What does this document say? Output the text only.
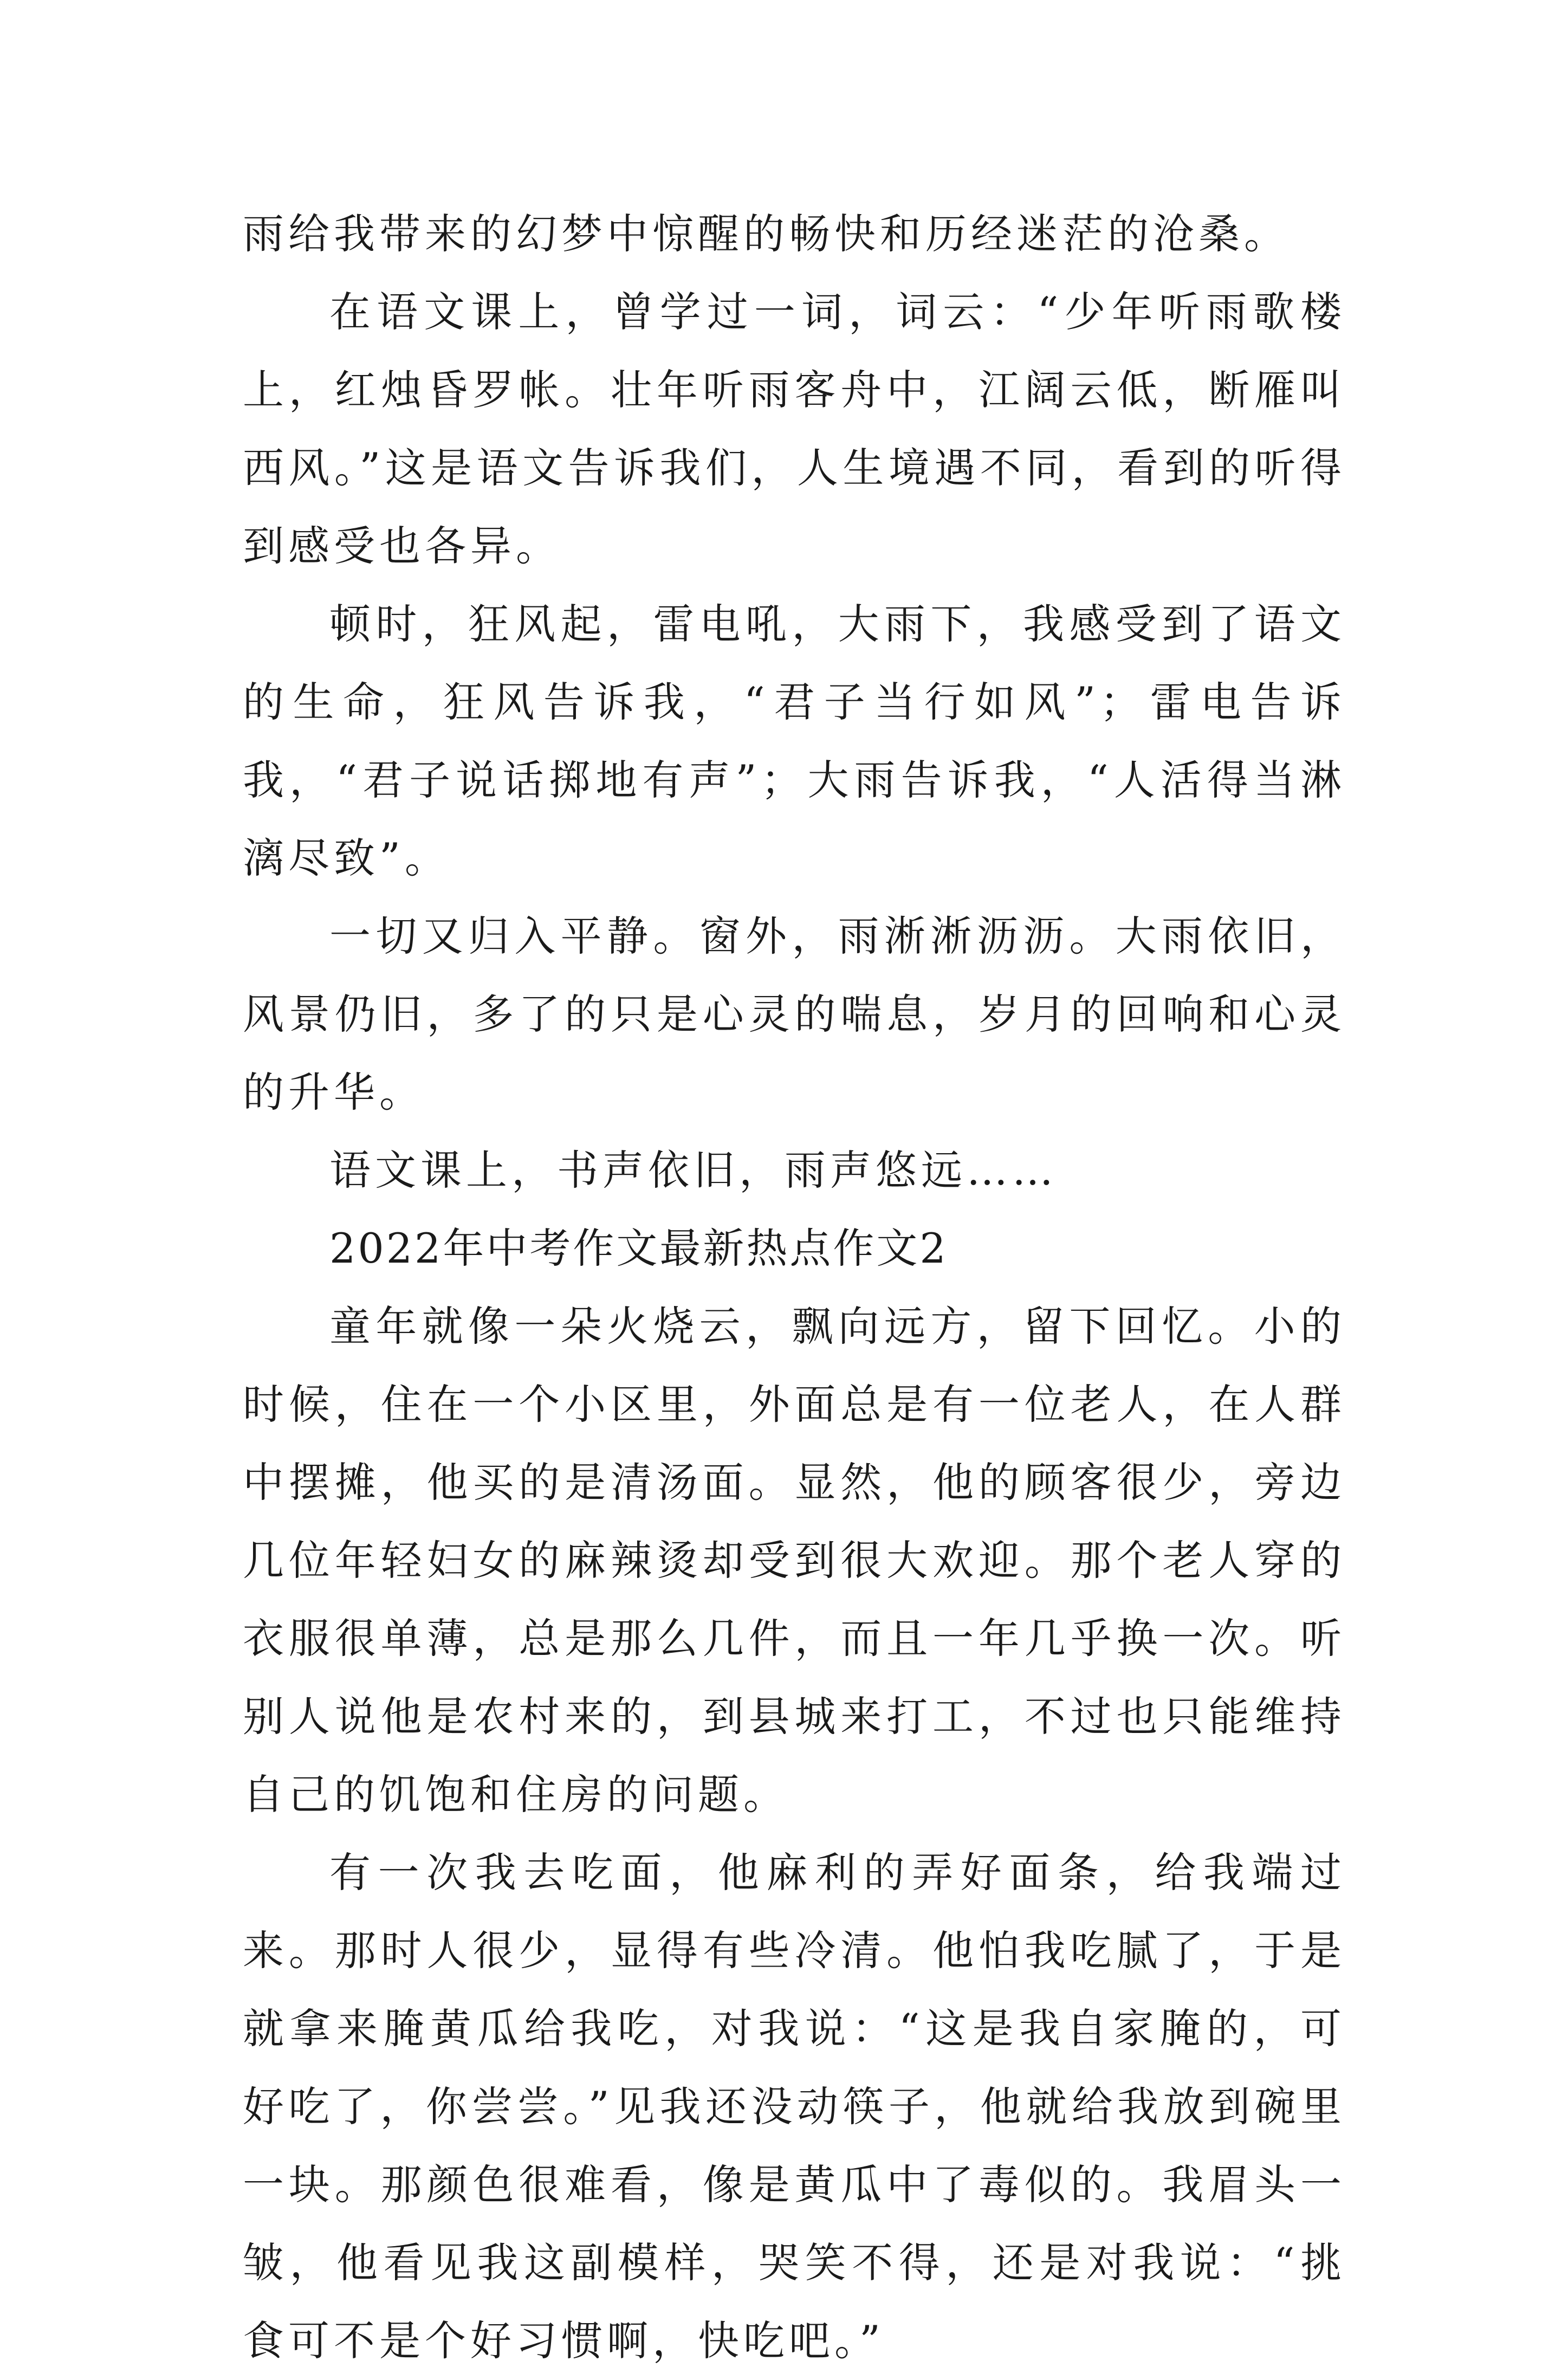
雨给我带来的幻梦中惊醒的畅快和历经迷茫的沧桑。

在语文课上，曾学过一词，词云：“少年听雨歌楼上，红烛昏罗帐。壮年听雨客舟中，江阔云低，断雁叫西风。”这是语文告诉我们，人生境遇不同，看到的听得到感受也各异。

顿时，狂风起，雷电吼，大雨下，我感受到了语文的生命，狂风告诉我，“君子当行如风”；雷电告诉我，“君子说话掷地有声”；大雨告诉我，“人活得当淋漓尽致”。

一切又归入平静。窗外，雨淅淅沥沥。大雨依旧，风景仍旧，多了的只是心灵的喘息，岁月的回响和心灵的升华。

语文课上，书声依旧，雨声悠远……

2022年中考作文最新热点作文2

童年就像一朵火烧云，飘向远方，留下回忆。小的时候，住在一个小区里，外面总是有一位老人，在人群中摆摊，他买的是清汤面。显然，他的顾客很少，旁边几位年轻妇女的麻辣烫却受到很大欢迎。那个老人穿的衣服很单薄，总是那么几件，而且一年几乎换一次。听别人说他是农村来的，到县城来打工，不过也只能维持自己的饥饱和住房的问题。

有一次我去吃面，他麻利的弄好面条，给我端过来。那时人很少，显得有些冷清。他怕我吃腻了，于是就拿来腌黄瓜给我吃，对我说：“这是我自家腌的，可好吃了，你尝尝。”见我还没动筷子，他就给我放到碗里一块。那颜色很难看，像是黄瓜中了毒似的。我眉头一皱，他看见我这副模样，哭笑不得，还是对我说：“挑食可不是个好习惯啊，快吃吧。”
